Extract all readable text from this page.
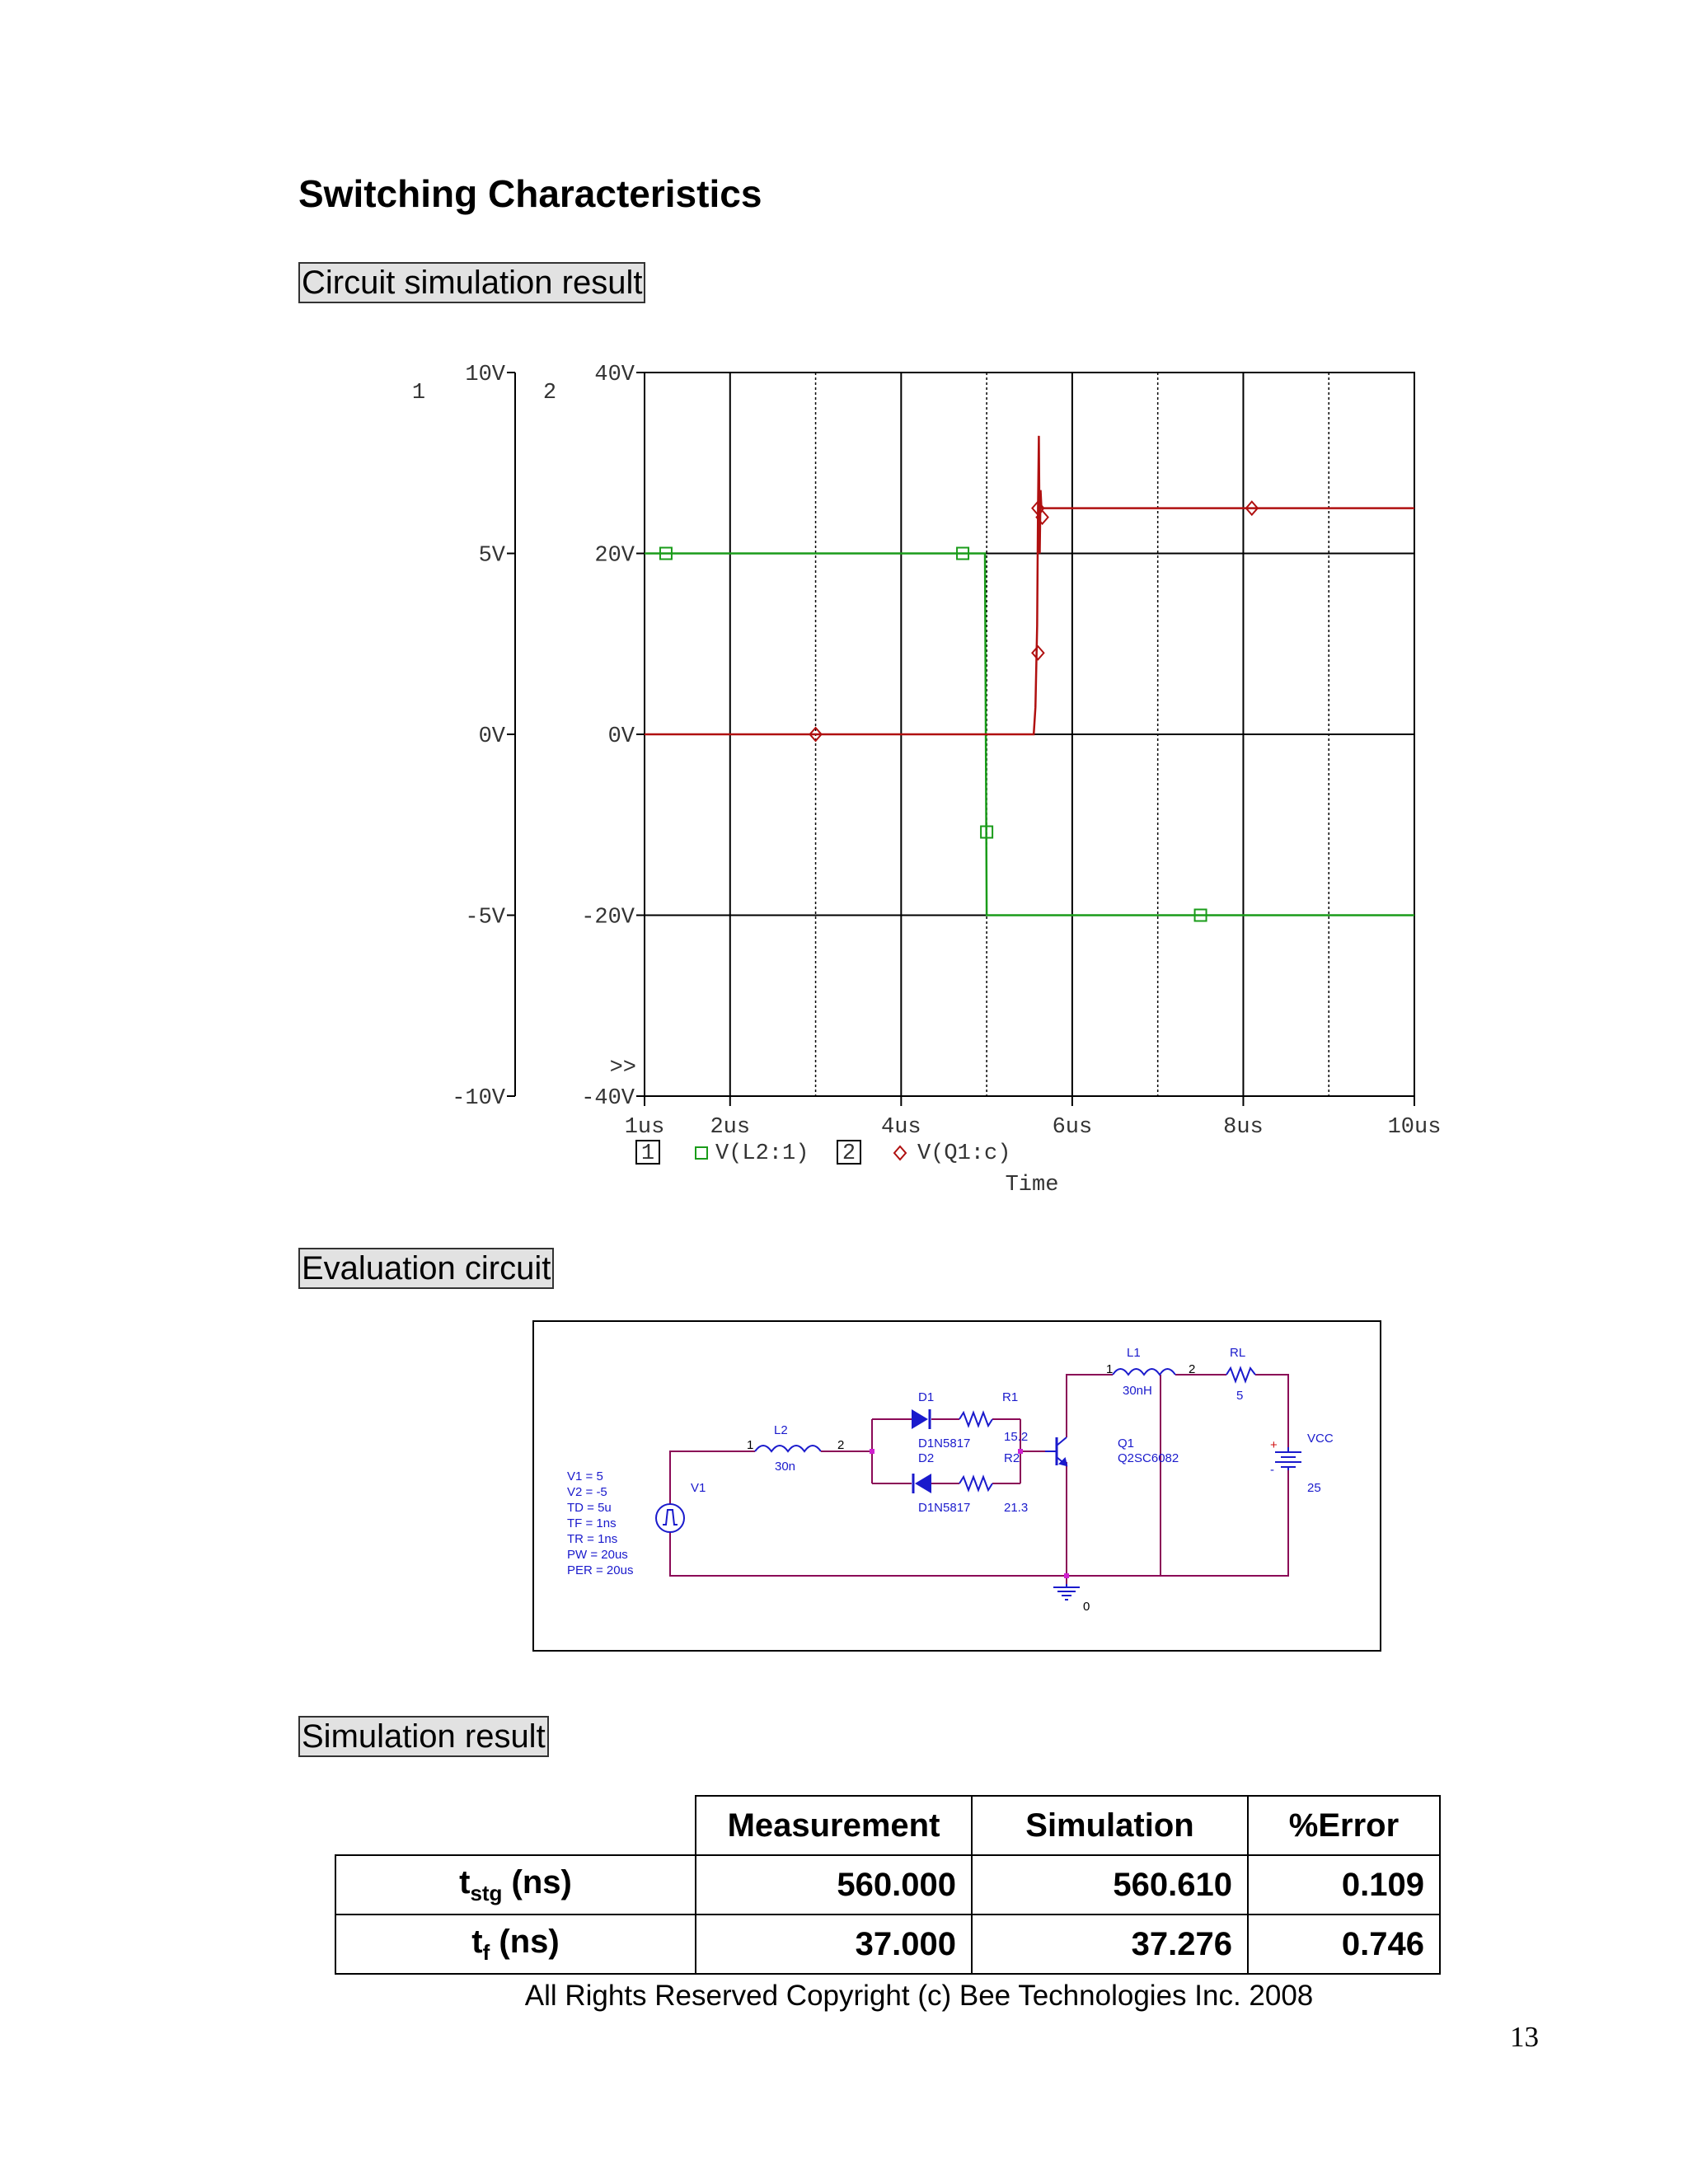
Switching Characteristics
Circuit simulation result
1us 2us	4us	6us	8us	10us
10V
5V
0V
-5V
-10V
40V
20V
0V
-20V
-40V
1	2
>>
1	V(L2:1) 2	V(Q1:c)
Time
Evaluation circuit
L1
1	2
30nH
RL
5
D1
D1N5817
D2
D1N5817
R1
15.2
R2
21.3
L2
1	2
30n
Q1
Q2SC6082
VCC
25
+
-
V1
0
V1 = 5
V2 = -5
TD = 5u
TF = 1ns
TR = 1ns
PW = 20us
PER = 20us
Simulation result
	Measurement	Simulation	%Error
$t_{stg}$ (ns)	560.000	560.610	0.109
$t_f$ (ns)	37.000	37.276	0.746
All Rights Reserved Copyright (c) Bee Technologies Inc. 2008
13
